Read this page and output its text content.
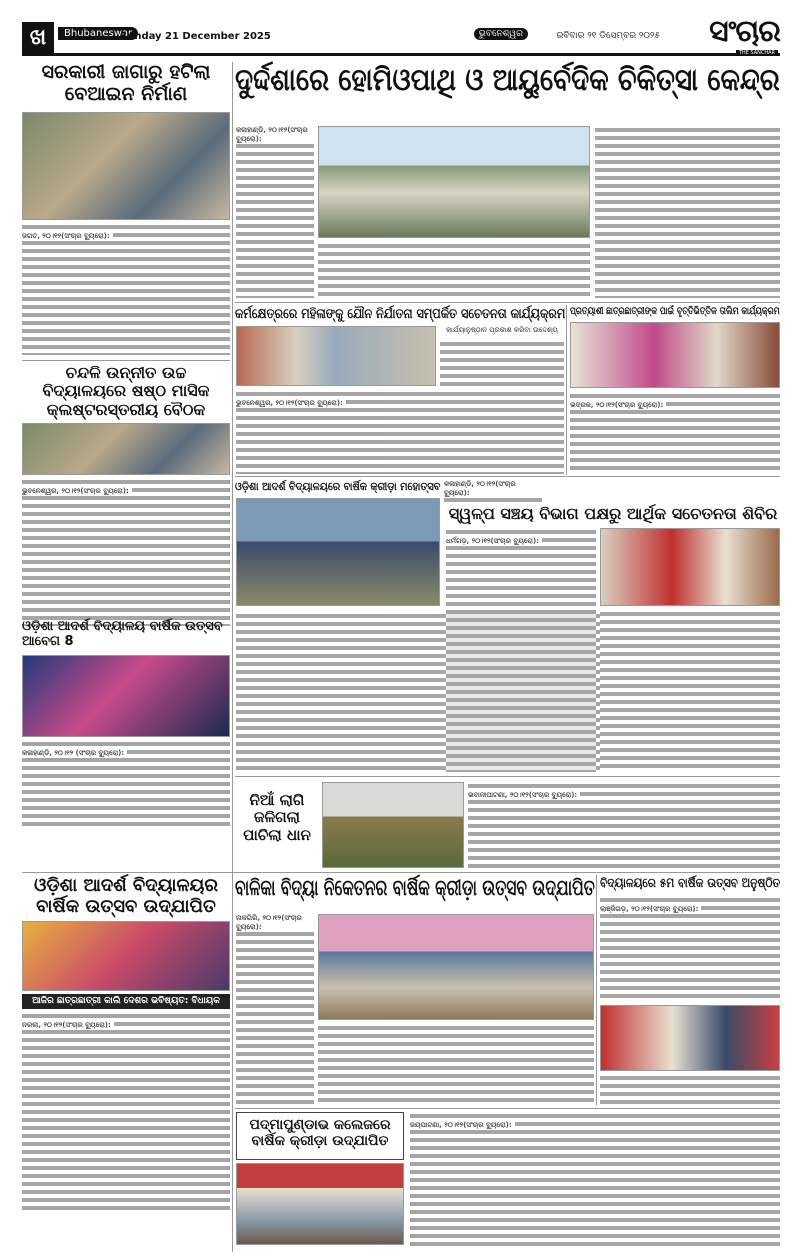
ଖ	Bhubaneswar
Sunday 21 December 2025	ଭୁବନେଶ୍ୱର	ରବିବାର ୨୧ ଡିସେମ୍ବର ୨୦୨୫ ସଂଚାର
THE SANCHAR
ସରକାରୀ ଜାଗାରୁ ହଟିଲା ବେଆଇନ ନିର୍ମାଣ
ଜଗତ, ୨୦।୧୨(ସଂଚାର ବ୍ୟୁରୋ):
ଚନ୍ଦଳି ଉନ୍ନୀତ ଉଚ୍ଚ ବିଦ୍ୟାଳୟରେ ଷଷ୍ଠ ମାସିକ କ୍ଲଷ୍ଟରସ୍ତରୀୟ ବୈଠକ
ଭୁବନେଶ୍ୱର, ୨୦।୧୨(ସଂଚାର ବ୍ୟୁରୋ):
ଓଡ଼ିଶା ଆଦର୍ଶ ବିଦ୍ୟାଳୟ ବାର୍ଷିକ ଉତ୍ସବ ଆବେଗ 8
କଳାହାଣ୍ଡି, ୨୦।୧୨ (ସଂଚାର ବ୍ୟୁରୋ):
ଦୁର୍ଦ୍ଦଶାରେ ହୋମିଓପାଥି ଓ ଆୟୁର୍ବେଦିକ ଚିକିତ୍ସା କେନ୍ଦ୍ର
କଳାହାଣ୍ଡି, ୨୦।୧୨(ସଂଚାର ବ୍ୟୁରୋ):
କର୍ମକ୍ଷେତ୍ରରେ ମହିଳାଙ୍କୁ ଯୌନ ନିର୍ଯାତନା ସମ୍ପର୍କିତ ସଚେତନତା କାର୍ଯ୍ୟକ୍ରମ
କାର୍ଯ୍ୟାନୁଷ୍ଠାନ ପ୍ରକାଶ କରିବା ଉଦ୍ଦେଶ୍ୟ
ଭୁବନେଶ୍ୱର, ୨୦।୧୨(ସଂଚାର ବ୍ୟୁରୋ):
ପ୍ରତ୍ୟାଶୀ ଛାତ୍ରଛାତ୍ରୀଙ୍କ ପାଇଁ ବୃତ୍ତିଭିତ୍ତିକ ତାଲିମ କାର୍ଯ୍ୟକ୍ରମ
ଭଦ୍ରକ, ୨୦।୧୨(ସଂଚାର ବ୍ୟୁରୋ):
ଓଡ଼ିଶା ଆଦର୍ଶ ବିଦ୍ୟାଳୟରେ ବାର୍ଷିକ କ୍ରୀଡ଼ା ମହୋତ୍ସବ କଳାହାଣ୍ଡି, ୨୦।୧୨(ସଂଚାର ବ୍ୟୁରୋ):
ସ୍ୱଳ୍ପ ସଞ୍ଚୟ ବିଭାଗ ପକ୍ଷରୁ ଆର୍ଥିକ ସଚେତନତା ଶିବିର
ଧର୍ମଗଡ଼, ୨୦।୧୨(ସଂଚାର ବ୍ୟୁରୋ):
ନିଆଁ ଲାଗି ଜଳିଗଲା ପାଚିଲା ଧାନ
ଭବାନୀପାଟଣା, ୨୦।୧୨(ସଂଚାର ବ୍ୟୁରୋ):
ଓଡ଼ିଶା ଆଦର୍ଶ ବିଦ୍ୟାଳୟର ବାର୍ଷିକ ଉତ୍ସବ ଉଦ୍‌ଯାପିତ
ଆଜିର ଛାତ୍ରଛାତ୍ରୀ କାଲି ଦେଶର ଭବିଷ୍ୟତ: ବିଧାୟକ
ନରଲା, ୨୦।୧୨(ସଂଚାର ବ୍ୟୁରୋ):
ବାଳିକା ବିଦ୍ୟା ନିକେତନର ବାର୍ଷିକ କ୍ରୀଡ଼ା ଉତ୍ସବ ଉଦ୍‌ଯାପିତ
ନାଳଗିରି, ୨୦।୧୨(ସଂଚାର ବ୍ୟୁରୋ):
ବିଦ୍ୟାଳୟରେ ୫ମ ବାର୍ଷିକ ଉତ୍ସବ ଅନୁଷ୍ଠିତ
ଲାଞ୍ଜିଗଡ଼, ୨୦।୧୨(ସଂଚାର ବ୍ୟୁରୋ):
ପଦ୍ମାପୁଣ୍ଡାଭ କଲେଜରେ ବାର୍ଷିକ କ୍ରୀଡ଼ା ଉଦ୍‌ଯାପିତ
ଜୟପାଟଣା, ୨୦।୧୨(ସଂଚାର ବ୍ୟୁରୋ):
